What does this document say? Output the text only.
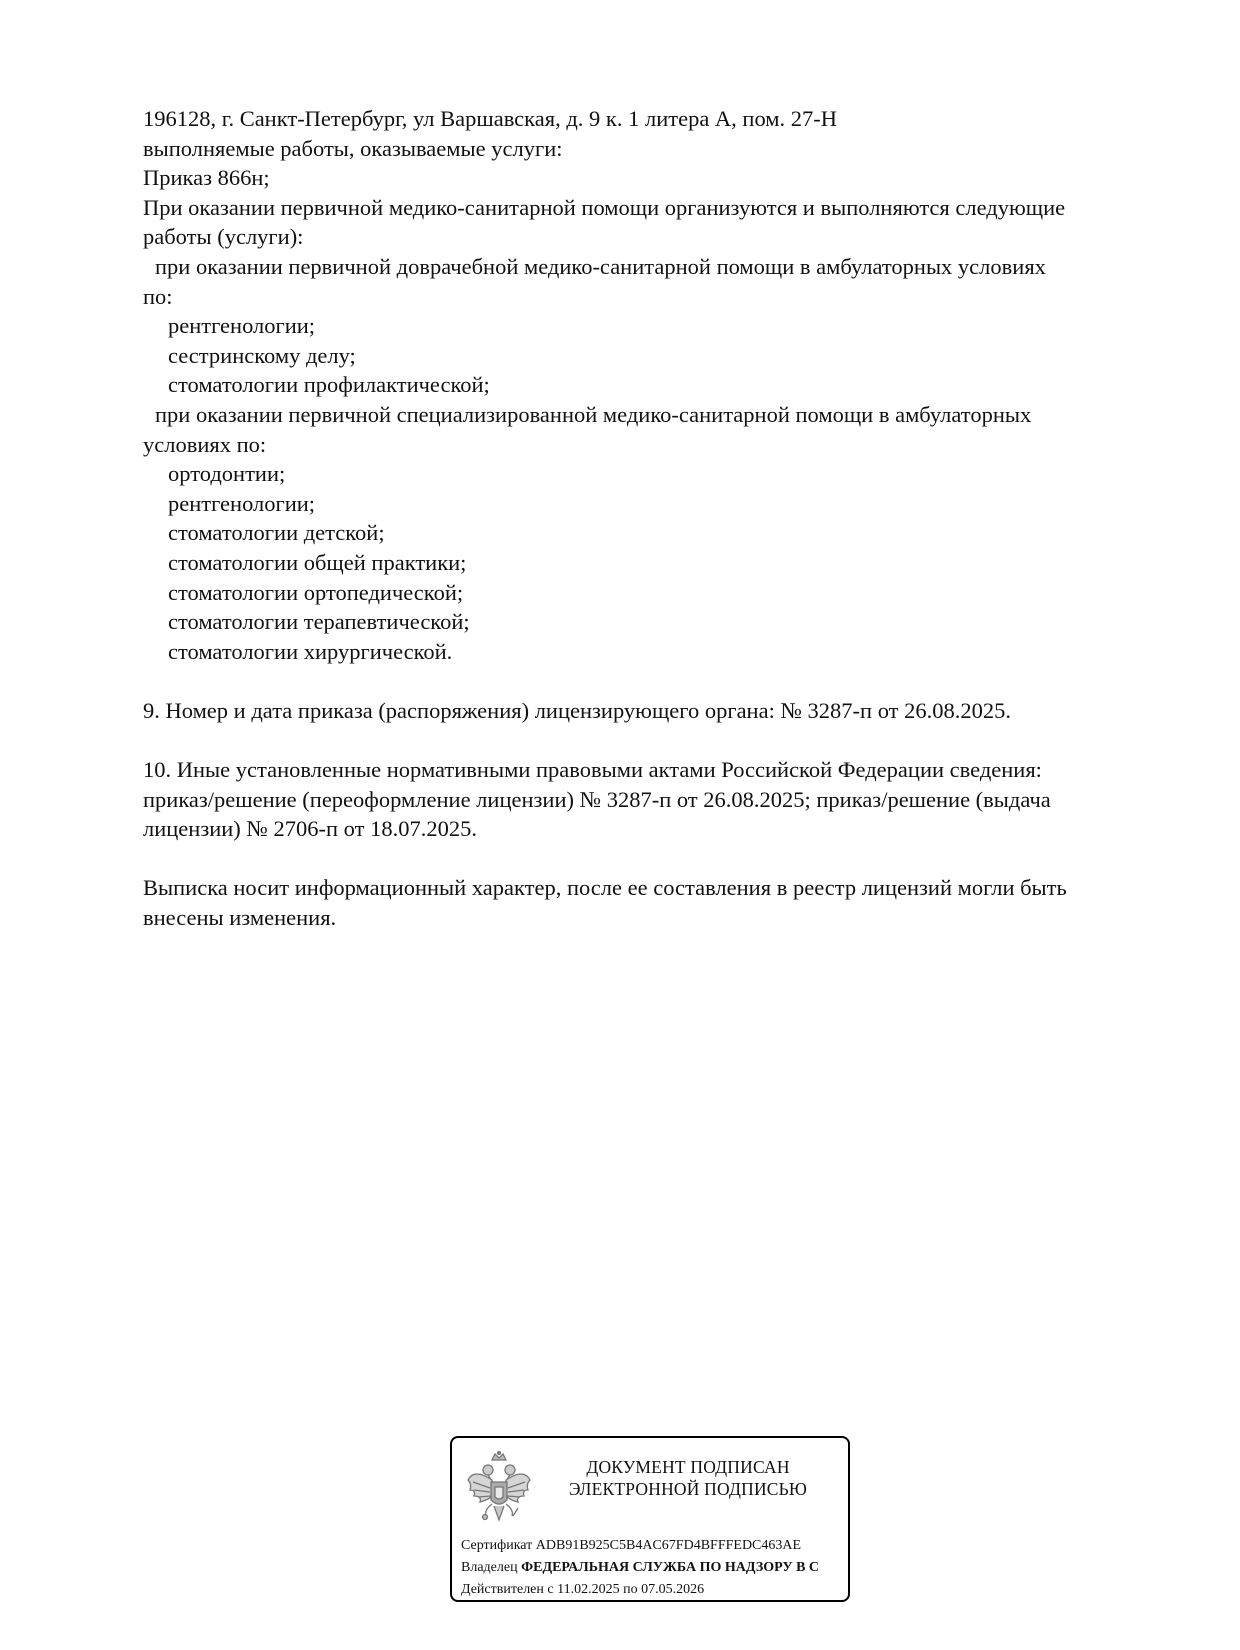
196128, г. Санкт-Петербург, ул Варшавская, д. 9 к. 1 литера А, пом. 27-Н
выполняемые работы, оказываемые услуги:
Приказ 866н;
При оказании первичной медико-санитарной помощи организуются и выполняются следующие
работы (услуги):
при оказании первичной доврачебной медико-санитарной помощи в амбулаторных условиях
по:
рентгенологии;
сестринскому делу;
стоматологии профилактической;
при оказании первичной специализированной медико-санитарной помощи в амбулаторных
условиях по:
ортодонтии;
рентгенологии;
стоматологии детской;
стоматологии общей практики;
стоматологии ортопедической;
стоматологии терапевтической;
стоматологии хирургической.
9. Номер и дата приказа (распоряжения) лицензирующего органа: № 3287-п от 26.08.2025.
10. Иные установленные нормативными правовыми актами Российской Федерации сведения:
приказ/решение (переоформление лицензии) № 3287-п от 26.08.2025; приказ/решение (выдача
лицензии) № 2706-п от 18.07.2025.
Выписка носит информационный характер, после ее составления в реестр лицензий могли быть
внесены изменения.
ДОКУМЕНТ ПОДПИСАН
ЭЛЕКТРОННОЙ ПОДПИСЬЮ
Сертификат ADB91B925C5B4AC67FD4BFFFEDC463AE
Владелец ФЕДЕРАЛЬНАЯ СЛУЖБА ПО НАДЗОРУ В С
Действителен с 11.02.2025 по 07.05.2026
